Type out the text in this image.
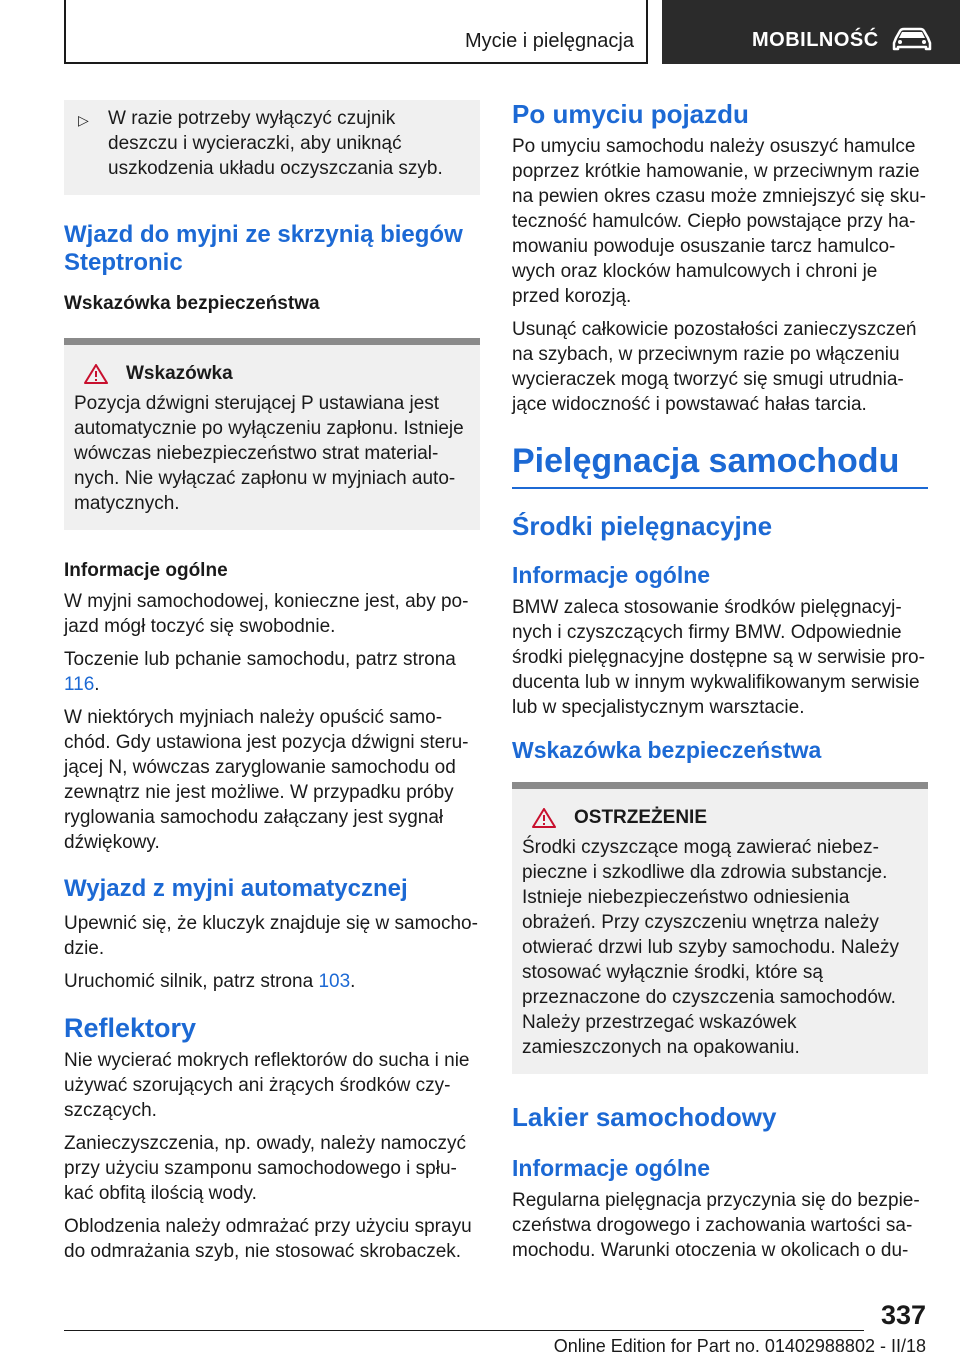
Mycie i pielęgnacja	MOBILNOŚĆ
▷	W razie potrzeby wyłączyć czujnik deszczu i wycieraczki, aby uniknąć uszkodzenia układu oczyszczania szyb.
Wjazd do myjni ze skrzynią biegów Steptronic
Wskazówka bezpieczeństwa
Wskazówka

Pozycja dźwigni sterującej P ustawiana jest automatycznie po wyłączeniu zapłonu. Istnieje wówczas niebezpieczeństwo strat materialnych. Nie wyłączać zapłonu w myjniach automatycznych.

Informacje ogólne

W myjni samochodowej, konieczne jest, aby pojazd mógł toczyć się swobodnie.

Toczenie lub pchanie samochodu, patrz strona 116.

W niektórych myjniach należy opuścić samochód. Gdy ustawiona jest pozycja dźwigni sterującej N, wówczas zaryglowanie samochodu od zewnątrz nie jest możliwe. W przypadku próby ryglowania samochodu załączany jest sygnał dźwiękowy.

Wyjazd z myjni automatycznej

Upewnić się, że kluczyk znajduje się w samochodzie.

Uruchomić silnik, patrz strona 103.

Reflektory

Nie wycierać mokrych reflektorów do sucha i nie używać szorujących ani żrących środków czyszczących.

Zanieczyszczenia, np. owady, należy namoczyć przy użyciu szamponu samochodowego i spłukać obfitą ilością wody.

Oblodzenia należy odmrażać przy użyciu sprayu do odmrażania szyb, nie stosować skrobaczek.

Po umyciu pojazdu

Po umyciu samochodu należy osuszyć hamulce poprzez krótkie hamowanie, w przeciwnym razie na pewien okres czasu może zmniejszyć się skuteczność hamulców. Ciepło powstające przy hamowaniu powoduje osuszanie tarcz hamulcowych oraz klocków hamulcowych i chroni je przed korozją.

Usunąć całkowicie pozostałości zanieczyszczeń na szybach, w przeciwnym razie po włączeniu wycieraczek mogą tworzyć się smugi utrudniające widoczność i powstawać hałas tarcia.

Pielęgnacja samochodu
Środki pielęgnacyjne
Informacje ogólne

BMW zaleca stosowanie środków pielęgnacyjnych i czyszczących firmy BMW. Odpowiednie środki pielęgnacyjne dostępne są w serwisie producenta lub w innym wykwalifikowanym serwisie lub w specjalistycznym warsztacie.

Wskazówka bezpieczeństwa
OSTRZEŻENIE

Środki czyszczące mogą zawierać niebezpieczne i szkodliwe dla zdrowia substancje. Istnieje niebezpieczeństwo odniesienia obrażeń. Przy czyszczeniu wnętrza należy otwierać drzwi lub szyby samochodu. Należy stosować wyłącznie środki, które są przeznaczone do czyszczenia samochodów. Należy przestrzegać wskazówek zamieszczonych na opakowaniu.

Lakier samochodowy
Informacje ogólne

Regularna pielęgnacja przyczynia się do bezpieczeństwa drogowego i zachowania wartości samochodu. Warunki otoczenia w okolicach o du‐

337
Online Edition for Part no. 01402988802 - II/18
